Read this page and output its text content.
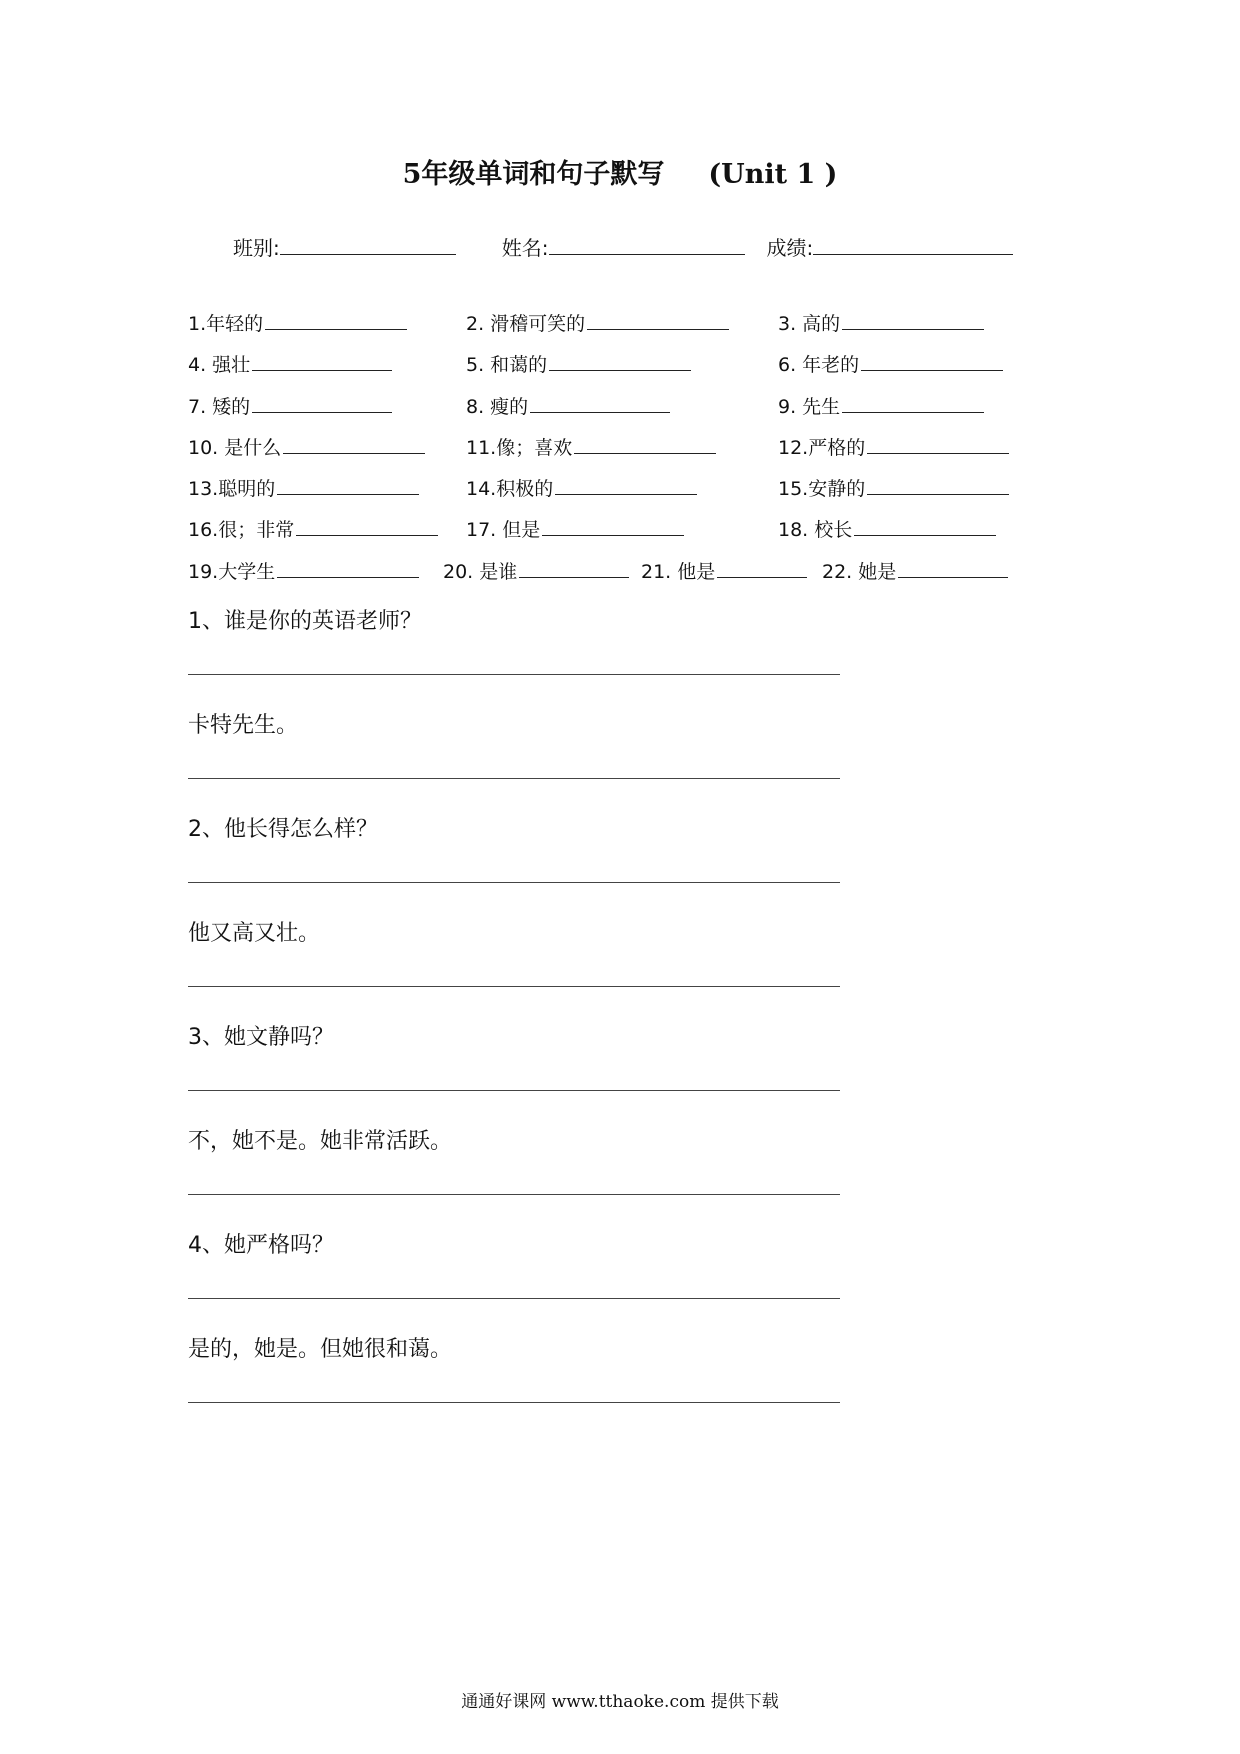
5年级单词和句子默写 (Unit 1 )
班别:	姓名:	成绩:
1.年轻的	2. 滑稽可笑的	3. 高的
4. 强壮	5. 和蔼的	6. 年老的
7. 矮的	8. 瘦的	9. 先生
10. 是什么	11.像；喜欢	12.严格的
13.聪明的	14.积极的	15.安静的
16.很；非常	17. 但是	18. 校长
19.大学生	20. 是谁	21. 他是	22. 她是
1、谁是你的英语老师？
卡特先生。
2、他长得怎么样？
他又高又壮。
3、她文静吗？
不，她不是。她非常活跃。
4、她严格吗？
是的，她是。但她很和蔼。
通通好课网 www.tthaoke.com 提供下载
